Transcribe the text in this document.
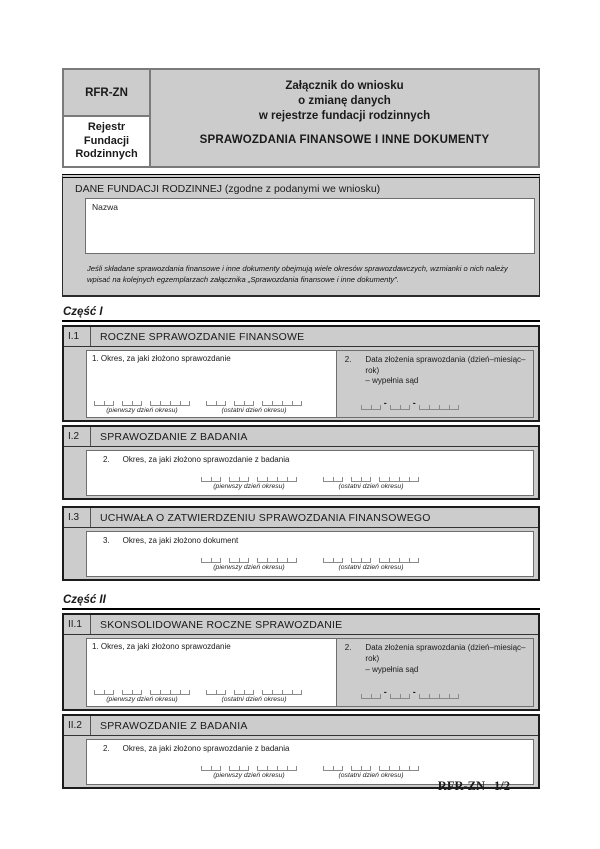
RFR-ZN
Rejestr
Fundacji
Rodzinnych
Załącznik do wniosku
o zmianę danych
w rejestrze fundacji rodzinnych
SPRAWOZDANIA FINANSOWE I INNE DOKUMENTY
DANE FUNDACJI RODZINNEJ (zgodne z podanymi we wniosku)
Nazwa
Jeśli składane sprawozdania finansowe i inne dokumenty obejmują wiele okresów sprawozdawczych, wzmianki o nich należy wpisać na kolejnych egzemplarzach załącznika „Sprawozdania finansowe i inne dokumenty”.
Część I
I.1	ROCZNE SPRAWOZDANIE FINANSOWE
1. Okres, za jaki złożono sprawozdanie
(pierwszy dzień okresu)	(ostatni dzień okresu)
2. Data złożenia sprawozdania (dzień–miesiąc–rok)
– wypełnia sąd
-	-
I.2	SPRAWOZDANIE Z BADANIA
2. Okres, za jaki złożono sprawozdanie z badania
(pierwszy dzień okresu)	(ostatni dzień okresu)
I.3	UCHWAŁA O ZATWIERDZENIU SPRAWOZDANIA FINANSOWEGO
3. Okres, za jaki złożono dokument
(pierwszy dzień okresu)	(ostatni dzień okresu)
Część II
II.1	SKONSOLIDOWANE ROCZNE SPRAWOZDANIE
1. Okres, za jaki złożono sprawozdanie
(pierwszy dzień okresu)	(ostatni dzień okresu)
2. Data złożenia sprawozdania (dzień–miesiąc–rok)
– wypełnia sąd
-	-
II.2	SPRAWOZDANIE Z BADANIA
2. Okres, za jaki złożono sprawozdanie z badania
(pierwszy dzień okresu)	(ostatni dzień okresu)
RFR-ZN 1/2
